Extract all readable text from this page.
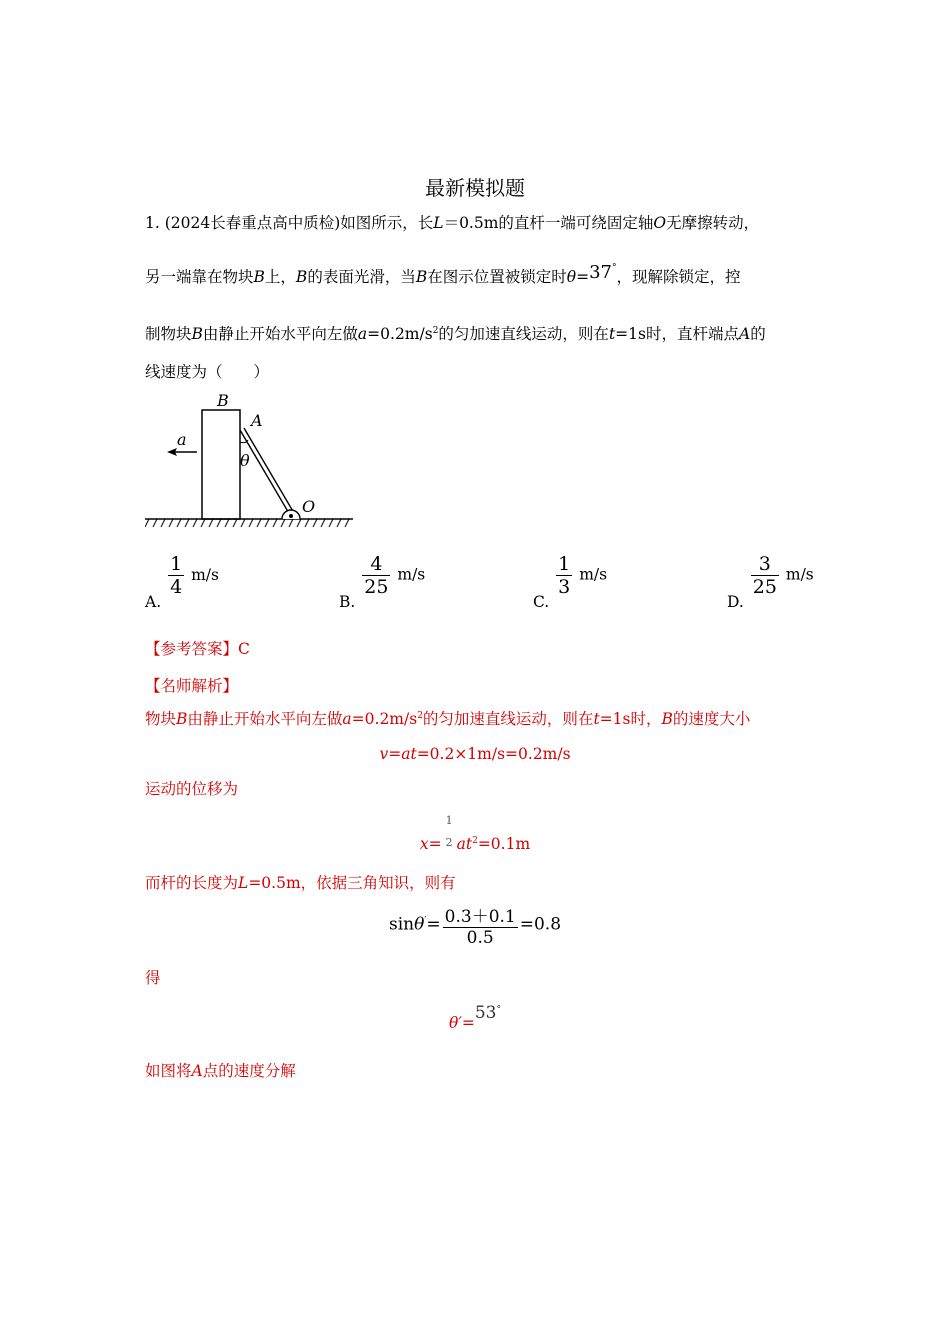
最新模拟题
1. (2024长春重点高中质检)如图所示，长L＝0.5m的直杆一端可绕固定轴O无摩擦转动，
另一端靠在物块B上，B的表面光滑，当B在图示位置被锁定时θ=37°，现解除锁定，控
制物块B由静止开始水平向左做$a=0.2m/s^2$的匀加速直线运动，则在t=1s时，直杆端点A的
线速度为（　　）
B
A
O
θ
a
A.
$\frac{1}{4} m/s$
B.
$\frac{4}{25} m/s$
C.
$\frac{1}{3} m/s$
D.
$\frac{3}{25} m/s$
【参考答案】C
【名师解析】
物块B由静止开始水平向左做$a=0.2m/s^2$的匀加速直线运动，则在t=1s时，B的速度大小
v=at=0.2×1m/s=0.2m/s
运动的位移为
x=
1
2 $at^2=0.1m$
而杆的长度为L=0.5m，依据三角知识，则有
$\sin\theta'= \frac{0.3+0.1}{0.5} =0.8$
得
θ′=53°
如图将A点的速度分解
